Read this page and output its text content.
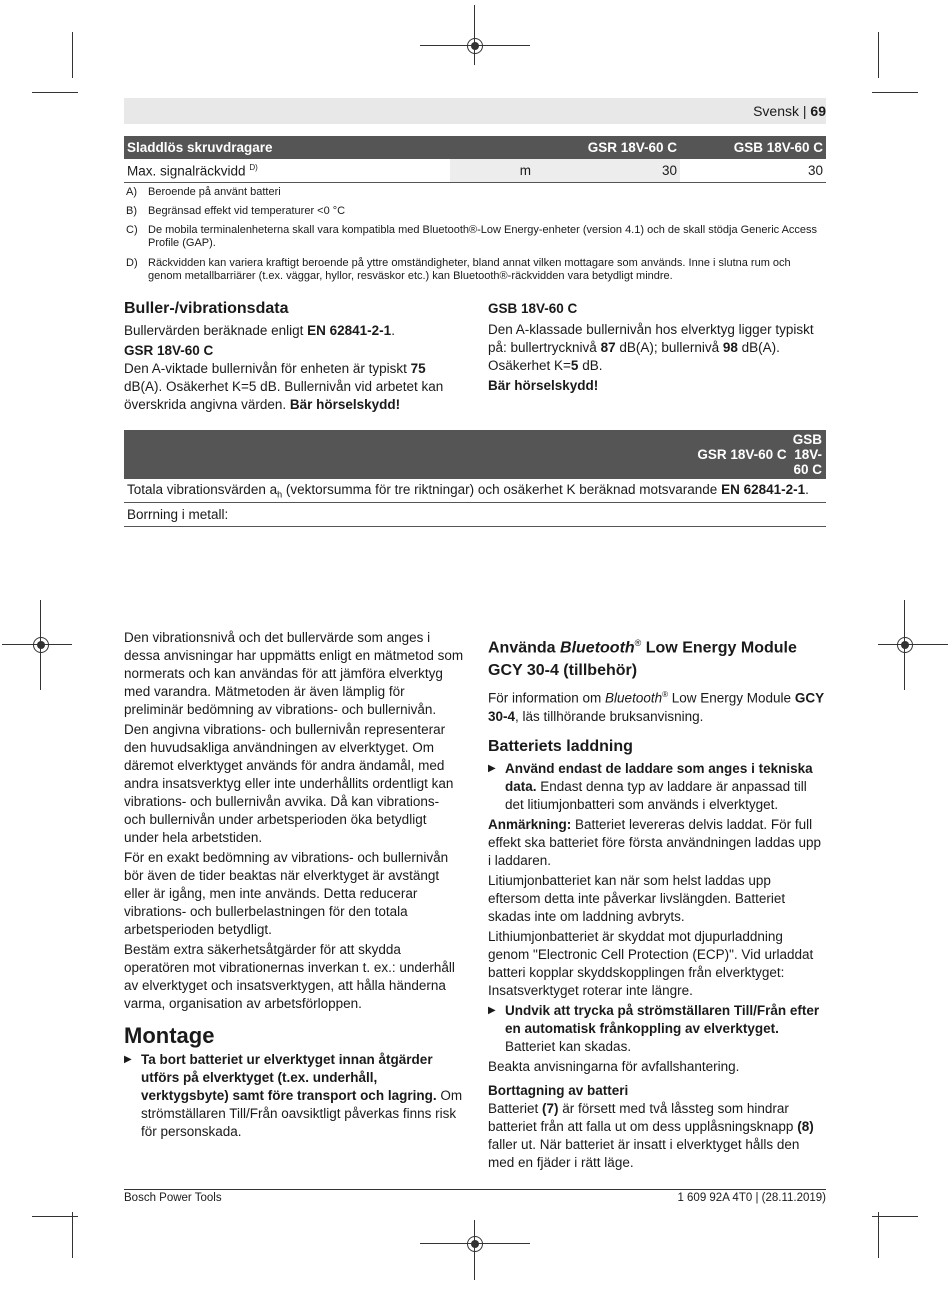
Svensk | 69
Sladdlös skruvdragare		GSR 18V-60 C	GSB 18V-60 C
Max. signalräckvidd $^{D)}$	m	30	30
A) Beroende på använt batteri
B) Begränsad effekt vid temperaturer <0 °C
C) De mobila terminalenheterna skall vara kompatibla med Bluetooth®-Low Energy-enheter (version 4.1) och de skall stödja Generic Access Profile (GAP).
D) Räckvidden kan variera kraftigt beroende på yttre omständigheter, bland annat vilken mottagare som används. Inne i slutna rum och genom metallbarriärer (t.ex. väggar, hyllor, resväskor etc.) kan Bluetooth®-räckvidden vara betydligt mindre.
Buller-/vibrationsdata

Bullervärden beräknade enligt EN 62841-2-1.

GSR 18V-60 C

Den A-viktade bullernivån för enheten är typiskt 75 dB(A). Osäkerhet K=5 dB. Bullernivån vid arbetet kan överskrida angivna värden. Bär hörselskydd!

GSB 18V-60 C

Den A-klassade bullernivån hos elverktyg ligger typiskt på: bullertrycknivå 87 dB(A); bullernivå 98 dB(A). Osäkerhet K=5 dB.

Bär hörselskydd!

	GSR 18V-60 C	GSB 18V-60 C
Totala vibrationsvärden $a_h$ (vektorsumma för tre riktningar) och osäkerhet K beräknad motsvarande EN 62841-2-1.
Borrning i metall:

Den vibrationsnivå och det bullervärde som anges i dessa anvisningar har uppmätts enligt en mätmetod som normerats och kan användas för att jämföra elverktyg med varandra. Mätmetoden är även lämplig för preliminär bedömning av vibrations- och bullernivån.

Den angivna vibrations- och bullernivån representerar den huvudsakliga användningen av elverktyget. Om däremot elverktyget används för andra ändamål, med andra insatsverktyg eller inte underhållits ordentligt kan vibrations- och bullernivån avvika. Då kan vibrations- och bullernivån under arbetsperioden öka betydligt under hela arbetstiden.

För en exakt bedömning av vibrations- och bullernivån bör även de tider beaktas när elverktyget är avstängt eller är igång, men inte används. Detta reducerar vibrations- och bullerbelastningen för den totala arbetsperioden betydligt.

Bestäm extra säkerhetsåtgärder för att skydda operatören mot vibrationernas inverkan t. ex.: underhåll av elverktyget och insatsverktygen, att hålla händerna varma, organisation av arbetsförloppen.

Montage

▶ Ta bort batteriet ur elverktyget innan åtgärder utförs på elverktyget (t.ex. underhåll, verktygsbyte) samt före transport och lagring. Om strömställaren Till/Från oavsiktligt påverkas finns risk för personskada.

Använda Bluetooth® Low Energy Module GCY 30-4 (tillbehör)

För information om Bluetooth® Low Energy Module GCY 30-4, läs tillhörande bruksanvisning.

Batteriets laddning

▶ Använd endast de laddare som anges i tekniska data. Endast denna typ av laddare är anpassad till det litiumjonbatteri som används i elverktyget.

Anmärkning: Batteriet levereras delvis laddat. För full effekt ska batteriet före första användningen laddas upp i laddaren.

Litiumjonbatteriet kan när som helst laddas upp eftersom detta inte påverkar livslängden. Batteriet skadas inte om laddning avbryts.

Lithiumjonbatteriet är skyddat mot djupurladdning genom "Electronic Cell Protection (ECP)". Vid urladdat batteri kopplar skyddskopplingen från elverktyget: Insatsverktyget roterar inte längre.

▶ Undvik att trycka på strömställaren Till/Från efter en automatisk frånkoppling av elverktyget. Batteriet kan skadas.

Beakta anvisningarna för avfallshantering.

Borttagning av batteri

Batteriet (7) är försett med två låssteg som hindrar batteriet från att falla ut om dess upplåsningsknapp (8) faller ut. När batteriet är insatt i elverktyget hålls den med en fjäder i rätt läge.

Bosch Power Tools	1 609 92A 4T0 | (28.11.2019)
